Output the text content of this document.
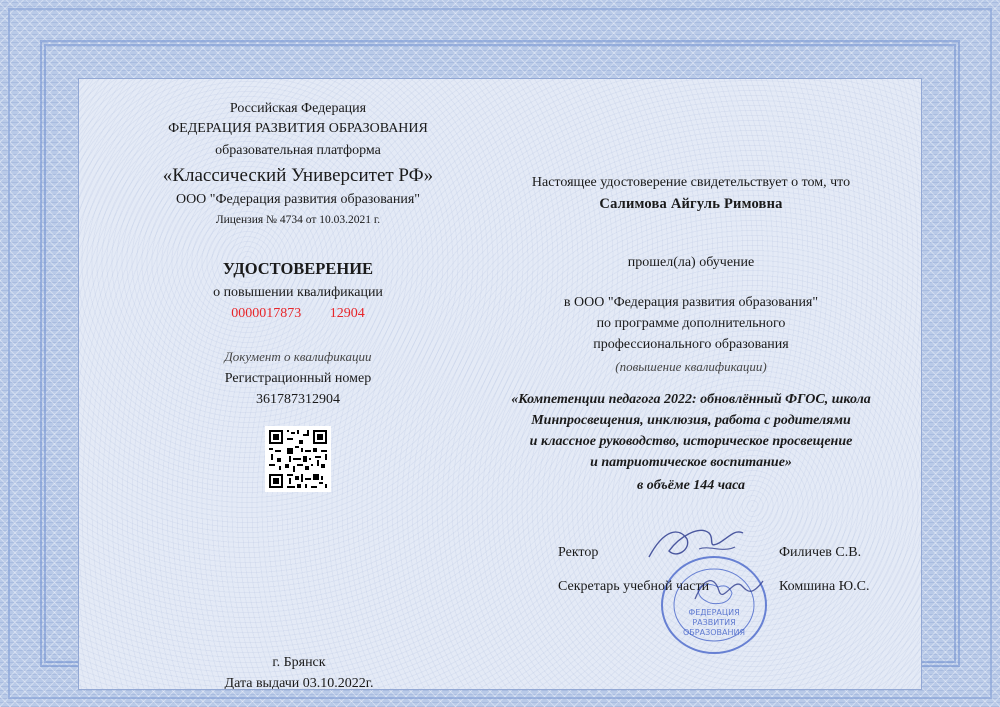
Российская Федерация
ФЕДЕРАЦИЯ РАЗВИТИЯ ОБРАЗОВАНИЯ
образовательная платформа
«Классический Университет РФ»
ООО "Федерация развития образования"
Лицензия № 4734 от 10.03.2021 г.
УДОСТОВЕРЕНИЕ
о повышении квалификации
0000017873   12904
Документ о квалификации
Регистрационный номер
361787312904
г. Брянск
Дата выдачи 03.10.2022г.
Настоящее удостоверение свидетельствует о том, что
Салимова Айгуль Римовна
прошел(ла) обучение
в ООО "Федерация развития образования"
по программе дополнительного
профессионального образования
(повышение квалификации)
«Компетенции педагога 2022: обновлённый ФГОС, школа
Минпросвещения, инклюзия, работа с родителями
и классное руководство, историческое просвещение
и патриотическое воспитание»
в объёме 144 часа
ФЕДЕРАЦИЯ
РАЗВИТИЯ
ОБРАЗОВАНИЯ
Ректор	Филичев С.В.
Секретарь учебной части	Комшина Ю.С.
